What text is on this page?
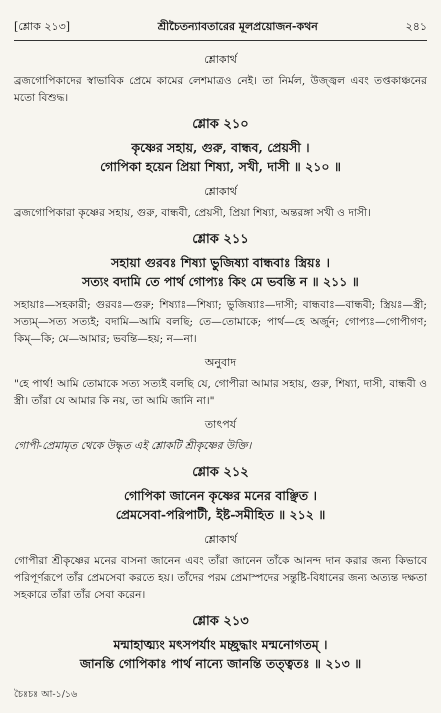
[শ্লোক ২১৩]	শ্রীচৈতন্যাবতারের মূলপ্রয়োজন-কথন	২৪১
শ্লোকার্থ

ব্রজগোপিকাদের স্বাভাবিক প্রেমে কামের লেশমাত্রও নেই। তা নির্মল, উজ্জ্বল এবং তপ্তকাঞ্চনের মতো বিশুদ্ধ।

শ্লোক ২১০

কৃষ্ণের সহায়, গুরু, বান্ধব, প্রেয়সী ।

গোপিকা হয়েন প্রিয়া শিষ্যা, সখী, দাসী ॥ ২১০ ॥

শ্লোকার্থ

ব্রজগোপিকারা কৃষ্ণের সহায়, গুরু, বান্ধবী, প্রেয়সী, প্রিয়া শিষ্যা, অন্তরঙ্গা সখী ও দাসী।

শ্লোক ২১১

সহায়া গুরবঃ শিষ্যা ভুজিষ্যা বান্ধবাঃ স্ত্রিয়ঃ ।

সত্যং বদামি তে পার্থ গোপ্যঃ কিং মে ভবন্তি ন ॥ ২১১ ॥

সহায়াঃ—সহকারী; গুরবঃ—গুরু; শিষ্যাঃ—শিষ্যা; ভুজিষ্যাঃ—দাসী; বান্ধবাঃ—বান্ধবী; স্ত্রিয়ঃ—স্ত্রী; সত্যম্—সত্য সত্যই; বদামি—আমি বলছি; তে—তোমাকে; পার্থ—হে অর্জুন; গোপ্যঃ—গোপীগণ; কিম্—কি; মে—আমার; ভবন্তি—হয়; ন—না।

অনুবাদ

"হে পার্থ! আমি তোমাকে সত্য সত্যই বলছি যে, গোপীরা আমার সহায়, গুরু, শিষ্যা, দাসী, বান্ধবী ও স্ত্রী। তাঁরা যে আমার কি নয়, তা আমি জানি না।"

তাৎপর্য

গোপী-প্রেমামৃত থেকে উদ্ধৃত এই শ্লোকটি শ্রীকৃষ্ণের উক্তি।

শ্লোক ২১২

গোপিকা জানেন কৃষ্ণের মনের বাঞ্ছিত ।

প্রেমসেবা-পরিপাটী, ইষ্ট-সমীহিত ॥ ২১২ ॥

শ্লোকার্থ

গোপীরা শ্রীকৃষ্ণের মনের বাসনা জানেন এবং তাঁরা জানেন তাঁকে আনন্দ দান করার জন্য কিভাবে পরিপূর্ণরূপে তাঁর প্রেমসেবা করতে হয়। তাঁদের পরম প্রেমাস্পদের সন্তুষ্টি-বিধানের জন্য অত্যন্ত দক্ষতা সহকারে তাঁরা তাঁর সেবা করেন।

শ্লোক ২১৩

মন্মাহাত্ম্যং মৎসপর্যাং মচ্ছ্রদ্ধাং মন্মনোগতম্ ।

জানন্তি গোপিকাঃ পার্থ নান্যে জানন্তি তত্ত্বতঃ ॥ ২১৩ ॥

চৈঃচঃ আ-১/১৬
